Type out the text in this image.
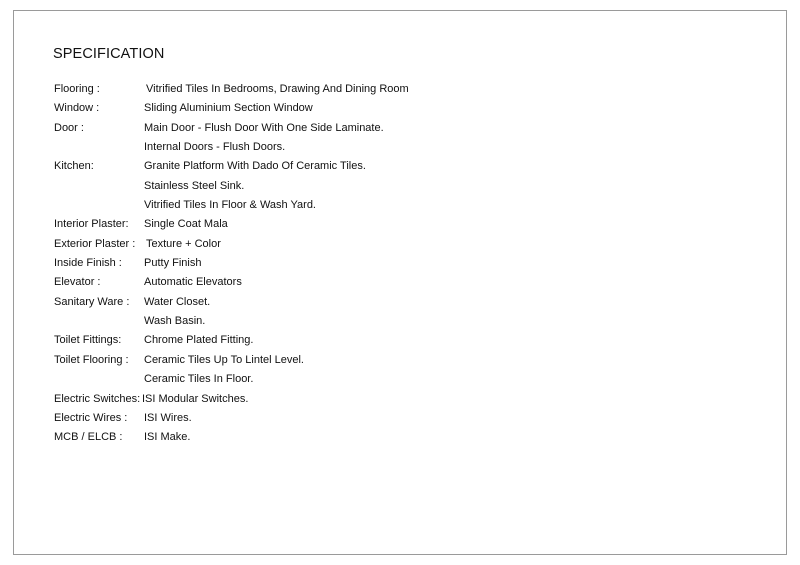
SPECIFICATION
Flooring :	Vitrified Tiles In Bedrooms, Drawing And Dining Room
Window :	Sliding Aluminium Section Window
Door :	Main Door - Flush Door With One Side Laminate.
Internal Doors - Flush Doors.
Kitchen:	Granite Platform With Dado Of Ceramic Tiles.
Stainless Steel Sink.
Vitrified Tiles In Floor & Wash Yard.
Interior Plaster: Single Coat Mala
Exterior Plaster : Texture + Color
Inside Finish : Putty Finish
Elevator :	Automatic Elevators
Sanitary Ware : Water Closet.
Wash Basin.
Toilet Fittings: Chrome Plated Fitting.
Toilet Flooring : Ceramic Tiles Up To Lintel Level.
Ceramic Tiles In Floor.
Electric Switches: ISI Modular Switches.
Electric Wires : ISI Wires.
MCB / ELCB : ISI Make.
